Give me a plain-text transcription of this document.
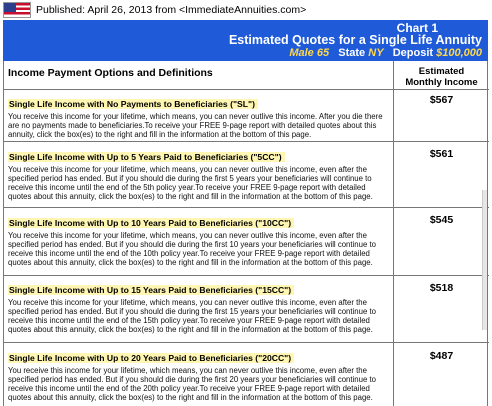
Published: April 26, 2013 from <ImmediateAnnuities.com>
Chart 1
Estimated Quotes for a Single Life Annuity
Male 65 State NY Deposit $100,000
Income Payment Options and Definitions	Estimated
Monthly Income
Single Life Income with No Payments to Beneficiaries ("SL")
You receive this income for your lifetime, which means, you can never outlive this income. After you die there are no payments made to beneficiaries.To receive your FREE 9-page report with detailed quotes about this annuity, click the box(es) to the right and fill in the information at the bottom of this page.
$567
Single Life Income with Up to 5 Years Paid to Beneficiaries ("5CC")
You receive this income for your lifetime, which means, you can never outlive this income, even after the specified period has ended. But if you should die during the first 5 years your beneficiaries will continue to receive this income until the end of the 5th policy year.To receive your FREE 9-page report with detailed quotes about this annuity, click the box(es) to the right and fill in the information at the bottom of this page.
$561
Single Life Income with Up to 10 Years Paid to Beneficiaries ("10CC")
You receive this income for your lifetime, which means, you can never outlive this income, even after the specified period has ended. But if you should die during the first 10 years your beneficiaries will continue to receive this income until the end of the 10th policy year.To receive your FREE 9-page report with detailed quotes about this annuity, click the box(es) to the right and fill in the information at the bottom of this page.
$545
Single Life Income with Up to 15 Years Paid to Beneficiaries ("15CC")
You receive this income for your lifetime, which means, you can never outlive this income, even after the specified period has ended. But if you should die during the first 15 years your beneficiaries will continue to receive this income until the end of the 15th policy year.To receive your FREE 9-page report with detailed quotes about this annuity, click the box(es) to the right and fill in the information at the bottom of this page.
$518
Single Life Income with Up to 20 Years Paid to Beneficiaries ("20CC")
You receive this income for your lifetime, which means, you can never outlive this income, even after the specified period has ended. But if you should die during the first 20 years your beneficiaries will continue to receive this income until the end of the 20th policy year.To receive your FREE 9-page report with detailed quotes about this annuity, click the box(es) to the right and fill in the information at the bottom of this page.
$487
